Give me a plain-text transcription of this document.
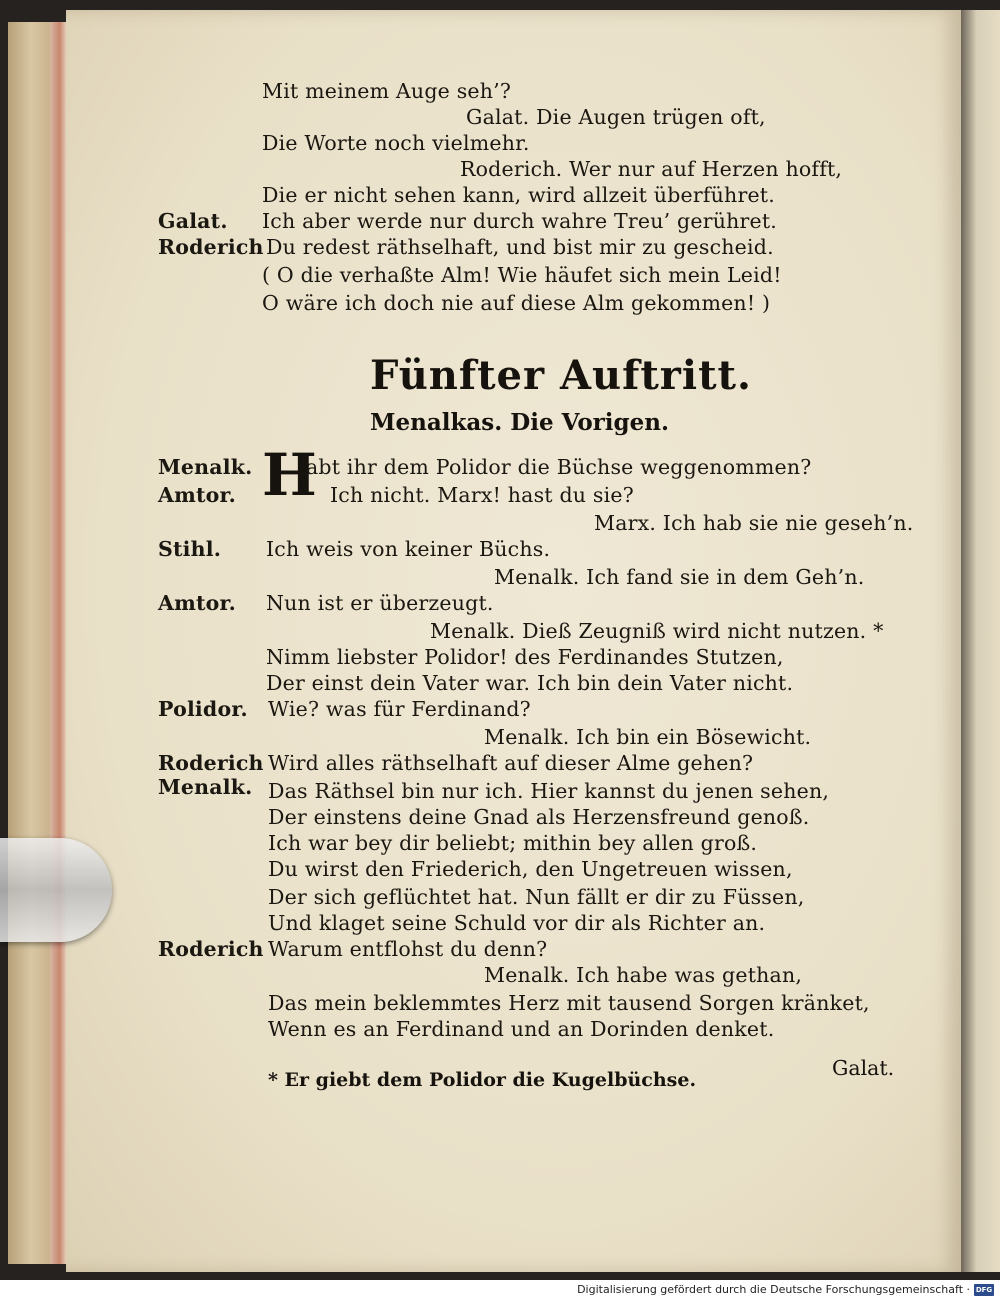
Mit meinem Auge seh’?
Galat. Die Augen trügen oft,
Die Worte noch vielmehr.
Roderich. Wer nur auf Herzen hofft,
Die er nicht sehen kann, wird allzeit überführet.
Galat. Ich aber werde nur durch wahre Treu’ gerühret.
Roderich Du redest räthselhaft, und bist mir zu gescheid.
( O die verhaßte Alm! Wie häufet sich mein Leid!
O wäre ich doch nie auf diese Alm gekommen! )
Fünfter Auftritt.
Menalkas. Die Vorigen.
H
Menalk.	abt ihr dem Polidor die Büchse weggenommen?
Amtor.	Ich nicht. Marx! hast du sie?
Marx. Ich hab sie nie geseh’n.
Stihl. Ich weis von keiner Büchs.
Menalk. Ich fand sie in dem Geh’n.
Amtor. Nun ist er überzeugt.
Menalk. Dieß Zeugniß wird nicht nutzen. *
Nimm liebster Polidor! des Ferdinandes Stutzen,
Der einst dein Vater war. Ich bin dein Vater nicht.
Polidor. Wie? was für Ferdinand?
Menalk. Ich bin ein Bösewicht.
Roderich Wird alles räthselhaft auf dieser Alme gehen?
Menalk. Das Räthsel bin nur ich. Hier kannst du jenen sehen,
Der einstens deine Gnad als Herzensfreund genoß.
Ich war bey dir beliebt; mithin bey allen groß.
Du wirst den Friederich, den Ungetreuen wissen,
Der sich geflüchtet hat. Nun fällt er dir zu Füssen,
Und klaget seine Schuld vor dir als Richter an.
Roderich Warum entflohst du denn?
Menalk. Ich habe was gethan,
Das mein beklemmtes Herz mit tausend Sorgen kränket,
Wenn es an Ferdinand und an Dorinden denket.
Galat.
* Er giebt dem Polidor die Kugelbüchse.
Digitalisierung gefördert durch die Deutsche Forschungsgemeinschaft · DFG
